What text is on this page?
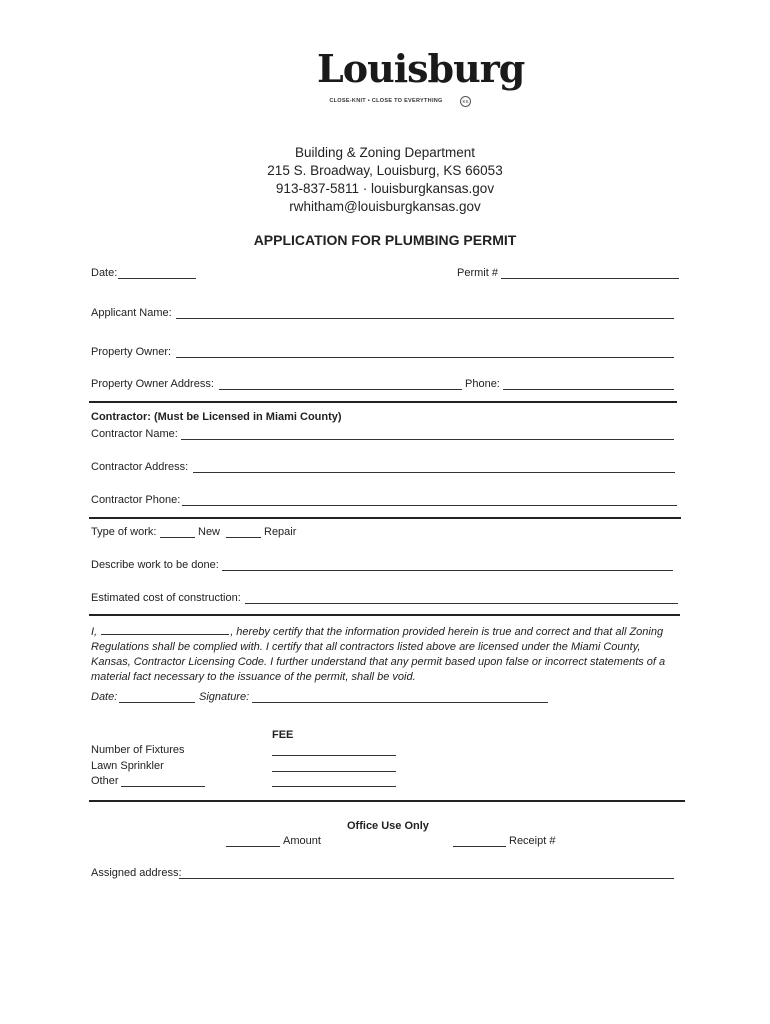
Louisburg
CLOSE-KNIT • CLOSE TO EVERYTHING	KS
Building & Zoning Department
215 S. Broadway, Louisburg, KS 66053
913-837-5811 · louisburgkansas.gov
rwhitham@louisburgkansas.gov
APPLICATION FOR PLUMBING PERMIT
Date:	Permit #
Applicant Name:
Property Owner:
Property Owner Address:	Phone:
Contractor: (Must be Licensed in Miami County)
Contractor Name:
Contractor Address:
Contractor Phone:
Type of work:	New	Repair
Describe work to be done:
Estimated cost of construction:
I,	, hereby certify that the information provided herein is true and correct and that all Zoning Regulations shall be complied with. I certify that all contractors listed above are licensed under the Miami County, Kansas, Contractor Licensing Code. I further understand that any permit based upon false or incorrect statements of a material fact necessary to the issuance of the permit, shall be void.
Date:	Signature:
FEE
Number of Fixtures
Lawn Sprinkler
Other
Office Use Only
Amount	Receipt #
Assigned address:
